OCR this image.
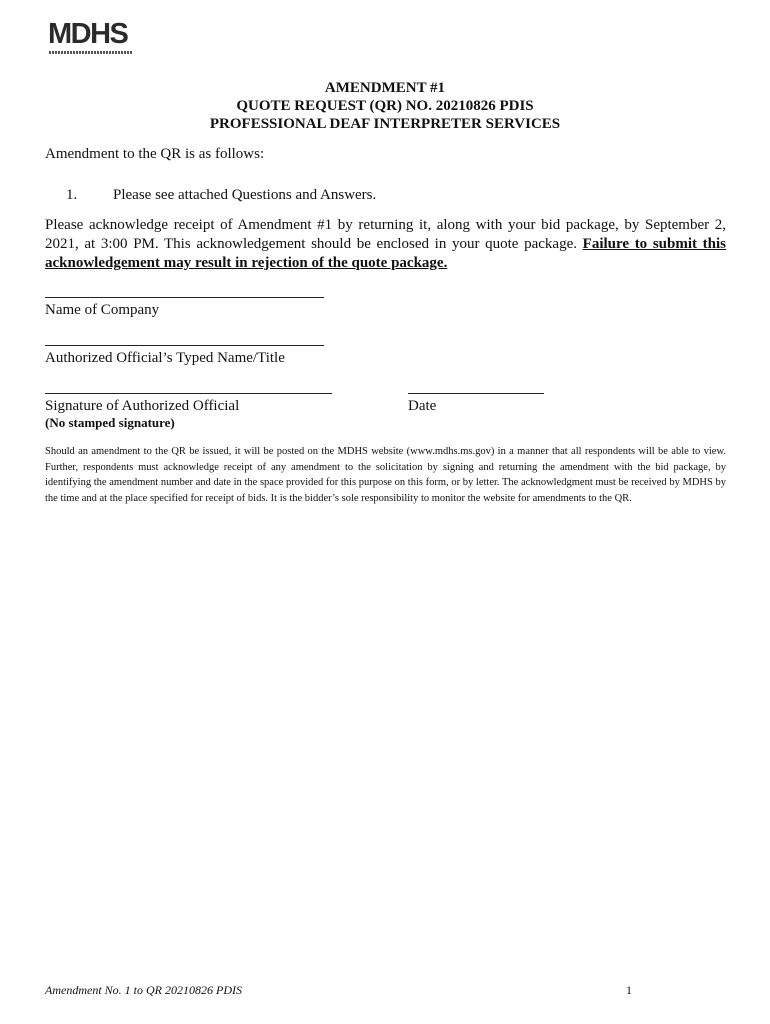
MDHS
AMENDMENT #1
QUOTE REQUEST (QR) NO. 20210826 PDIS
PROFESSIONAL DEAF INTERPRETER SERVICES
Amendment to the QR is as follows:
1. Please see attached Questions and Answers.
Please acknowledge receipt of Amendment #1 by returning it, along with your bid package, by September 2, 2021, at 3:00 PM. This acknowledgement should be enclosed in your quote package. Failure to submit this acknowledgement may result in rejection of the quote package.
Name of Company
Authorized Official’s Typed Name/Title
Signature of Authorized Official
(No stamped signature)
Date
Should an amendment to the QR be issued, it will be posted on the MDHS website (www.mdhs.ms.gov) in a manner that all respondents will be able to view. Further, respondents must acknowledge receipt of any amendment to the solicitation by signing and returning the amendment with the bid package, by identifying the amendment number and date in the space provided for this purpose on this form, or by letter. The acknowledgment must be received by MDHS by the time and at the place specified for receipt of bids. It is the bidder’s sole responsibility to monitor the website for amendments to the QR.
Amendment No. 1 to QR 20210826 PDIS	1
